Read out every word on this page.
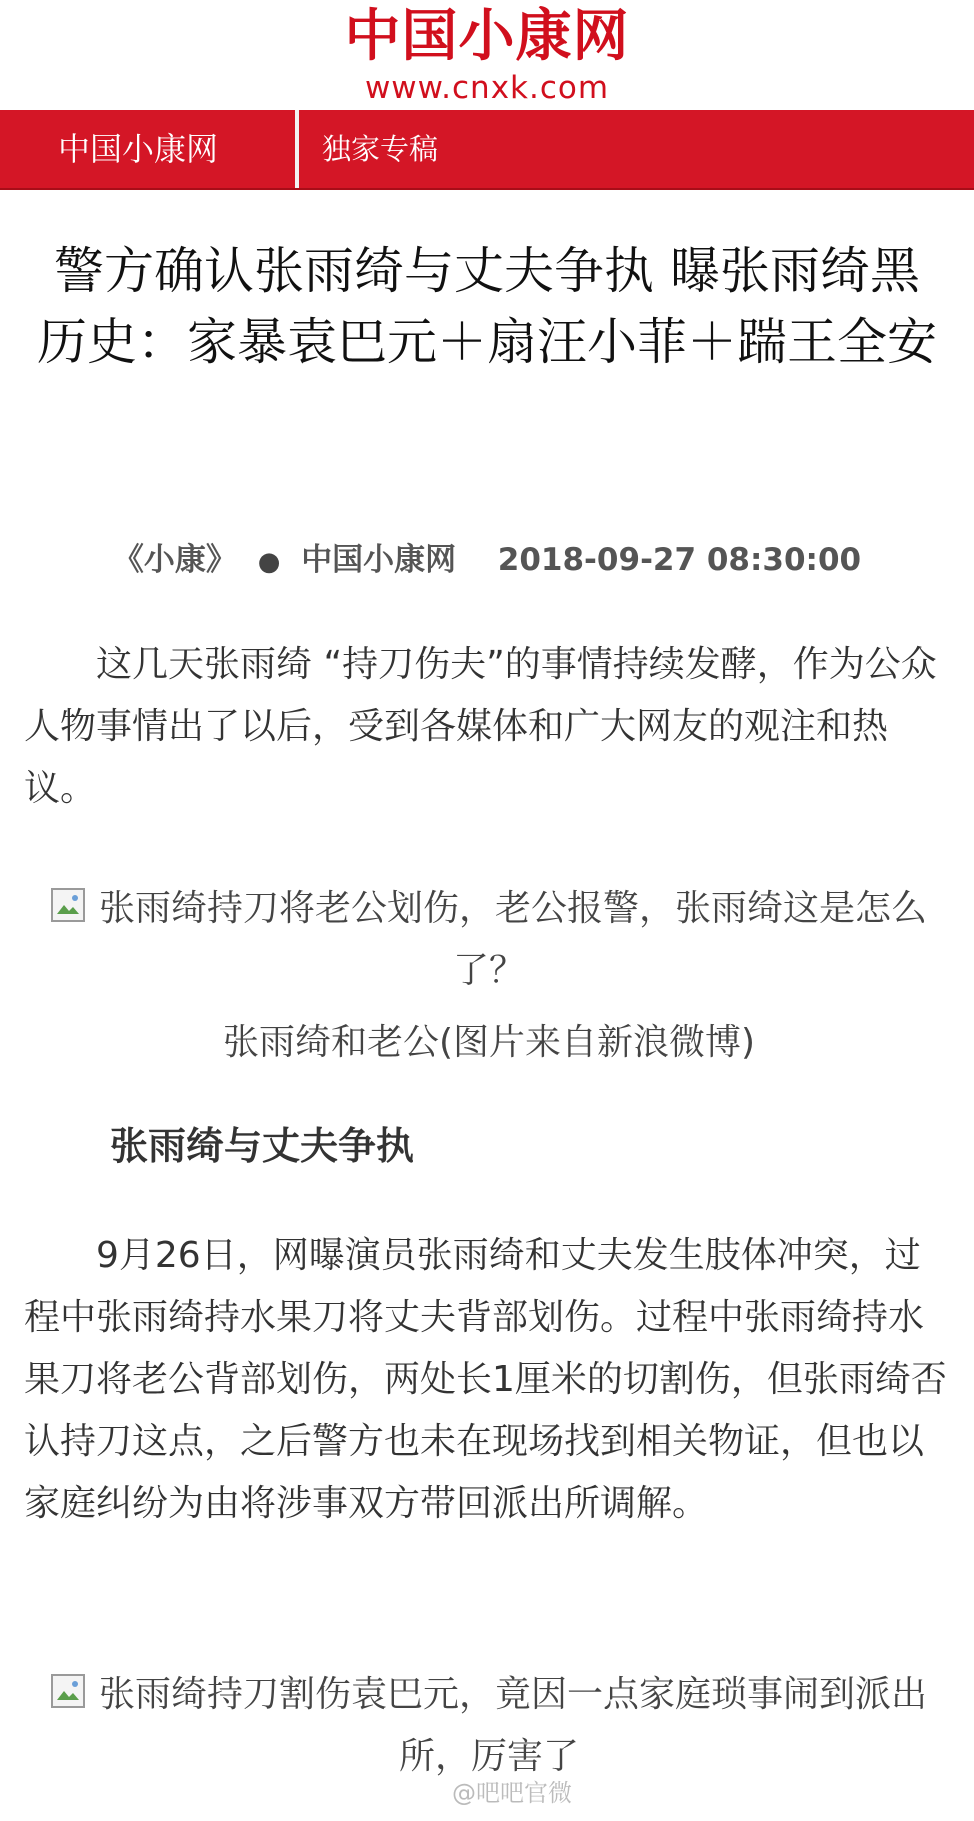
中国小康网
www.cnxk.com
中国小康网	独家专稿
警方确认张雨绮与丈夫争执 曝张雨绮黑历史：家暴袁巴元＋扇汪小菲＋踹王全安
《小康》 ● 中国小康网 2018-09-27 08:30:00
这几天张雨绮 “持刀伤夫”的事情持续发酵，作为公众人物事情出了以后，受到各媒体和广大网友的观注和热议。
张雨绮持刀将老公划伤，老公报警，张雨绮这是怎么了？
张雨绮和老公(图片来自新浪微博)
张雨绮与丈夫争执
9月26日，网曝演员张雨绮和丈夫发生肢体冲突，过程中张雨绮持水果刀将丈夫背部划伤。过程中张雨绮持水果刀将老公背部划伤，两处长1厘米的切割伤，但张雨绮否认持刀这点，之后警方也未在现场找到相关物证，但也以家庭纠纷为由将涉事双方带回派出所调解。
张雨绮持刀割伤袁巴元，竟因一点家庭琐事闹到派出所，厉害了
@吧吧官微
